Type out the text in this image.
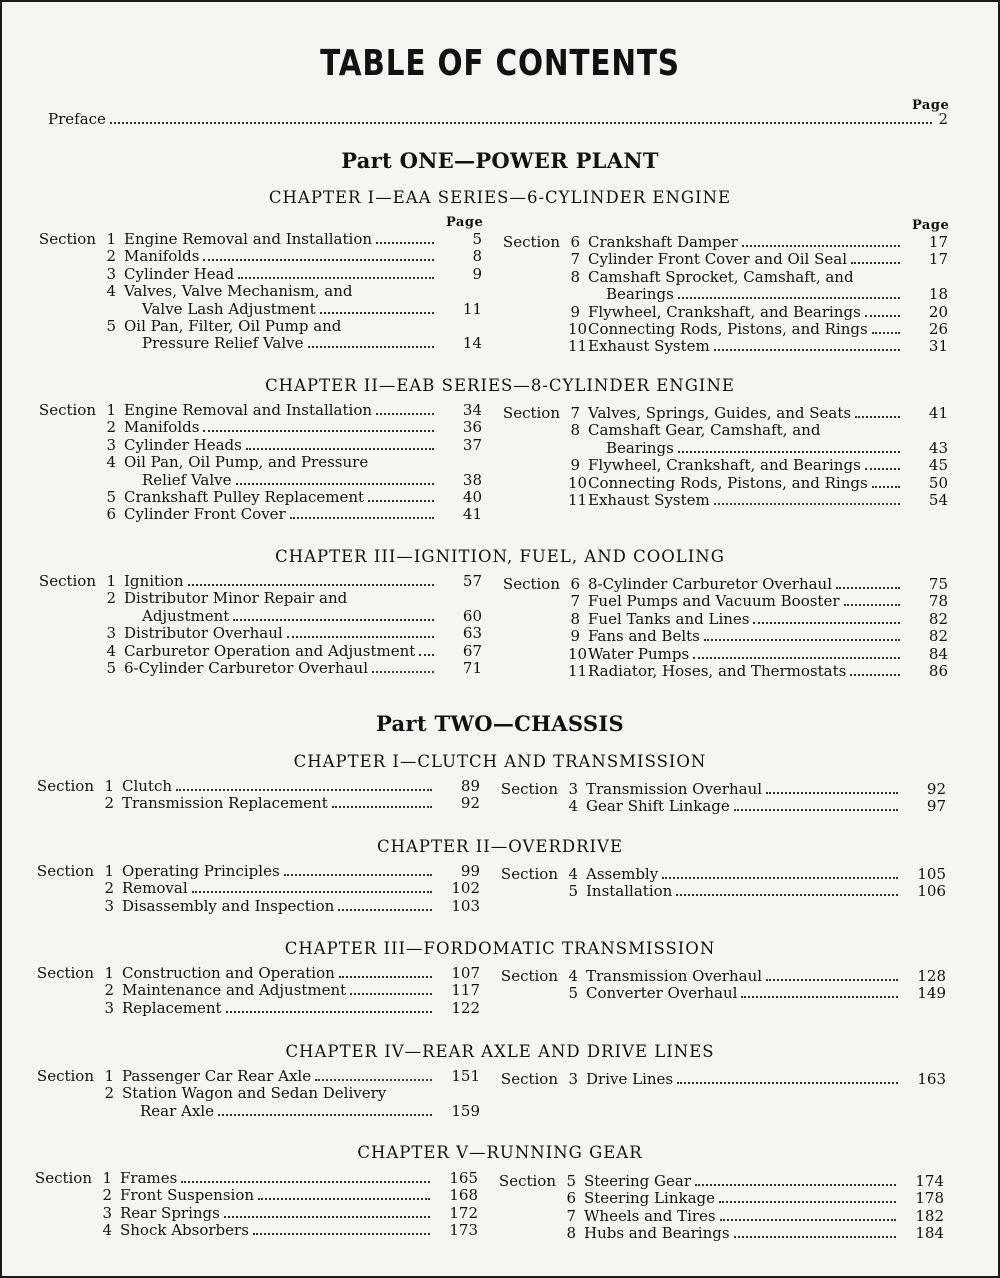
TABLE OF CONTENTS
Page
Preface	2
Part ONE—POWER PLANT
CHAPTER I—EAA SERIES—6-CYLINDER ENGINE
Page	Page
Section 1 Engine Removal and Installation	5
2 Manifolds	8
3 Cylinder Head	9
4 Valves, Valve Mechanism, and
Valve Lash Adjustment	11
5 Oil Pan, Filter, Oil Pump and
Pressure Relief Valve	14
Section 6 Crankshaft Damper	17
7 Cylinder Front Cover and Oil Seal	17
8 Camshaft Sprocket, Camshaft, and
Bearings	18
9 Flywheel, Crankshaft, and Bearings	20
10 Connecting Rods, Pistons, and Rings	26
11 Exhaust System	31
CHAPTER II—EAB SERIES—8-CYLINDER ENGINE
Section 1 Engine Removal and Installation	34
2 Manifolds	36
3 Cylinder Heads	37
4 Oil Pan, Oil Pump, and Pressure
Relief Valve	38
5 Crankshaft Pulley Replacement	40
6 Cylinder Front Cover	41
Section 7 Valves, Springs, Guides, and Seats	41
8 Camshaft Gear, Camshaft, and
Bearings	43
9 Flywheel, Crankshaft, and Bearings	45
10 Connecting Rods, Pistons, and Rings	50
11 Exhaust System	54
CHAPTER III—IGNITION, FUEL, AND COOLING
Section 1 Ignition	57
2 Distributor Minor Repair and
Adjustment	60
3 Distributor Overhaul	63
4 Carburetor Operation and Adjustment	67
5 6-Cylinder Carburetor Overhaul	71
Section 6 8-Cylinder Carburetor Overhaul	75
7 Fuel Pumps and Vacuum Booster	78
8 Fuel Tanks and Lines	82
9 Fans and Belts	82
10 Water Pumps	84
11 Radiator, Hoses, and Thermostats	86
Part TWO—CHASSIS
CHAPTER I—CLUTCH AND TRANSMISSION
Section 1 Clutch	89
2 Transmission Replacement	92
Section 3 Transmission Overhaul	92
4 Gear Shift Linkage	97
CHAPTER II—OVERDRIVE
Section 1 Operating Principles	99
2 Removal	102
3 Disassembly and Inspection	103
Section 4 Assembly	105
5 Installation	106
CHAPTER III—FORDOMATIC TRANSMISSION
Section 1 Construction and Operation	107
2 Maintenance and Adjustment	117
3 Replacement	122
Section 4 Transmission Overhaul	128
5 Converter Overhaul	149
CHAPTER IV—REAR AXLE AND DRIVE LINES
Section 1 Passenger Car Rear Axle	151
2 Station Wagon and Sedan Delivery
Rear Axle	159
Section 3 Drive Lines	163
CHAPTER V—RUNNING GEAR
Section 1 Frames	165
2 Front Suspension	168
3 Rear Springs	172
4 Shock Absorbers	173
Section 5 Steering Gear	174
6 Steering Linkage	178
7 Wheels and Tires	182
8 Hubs and Bearings	184
